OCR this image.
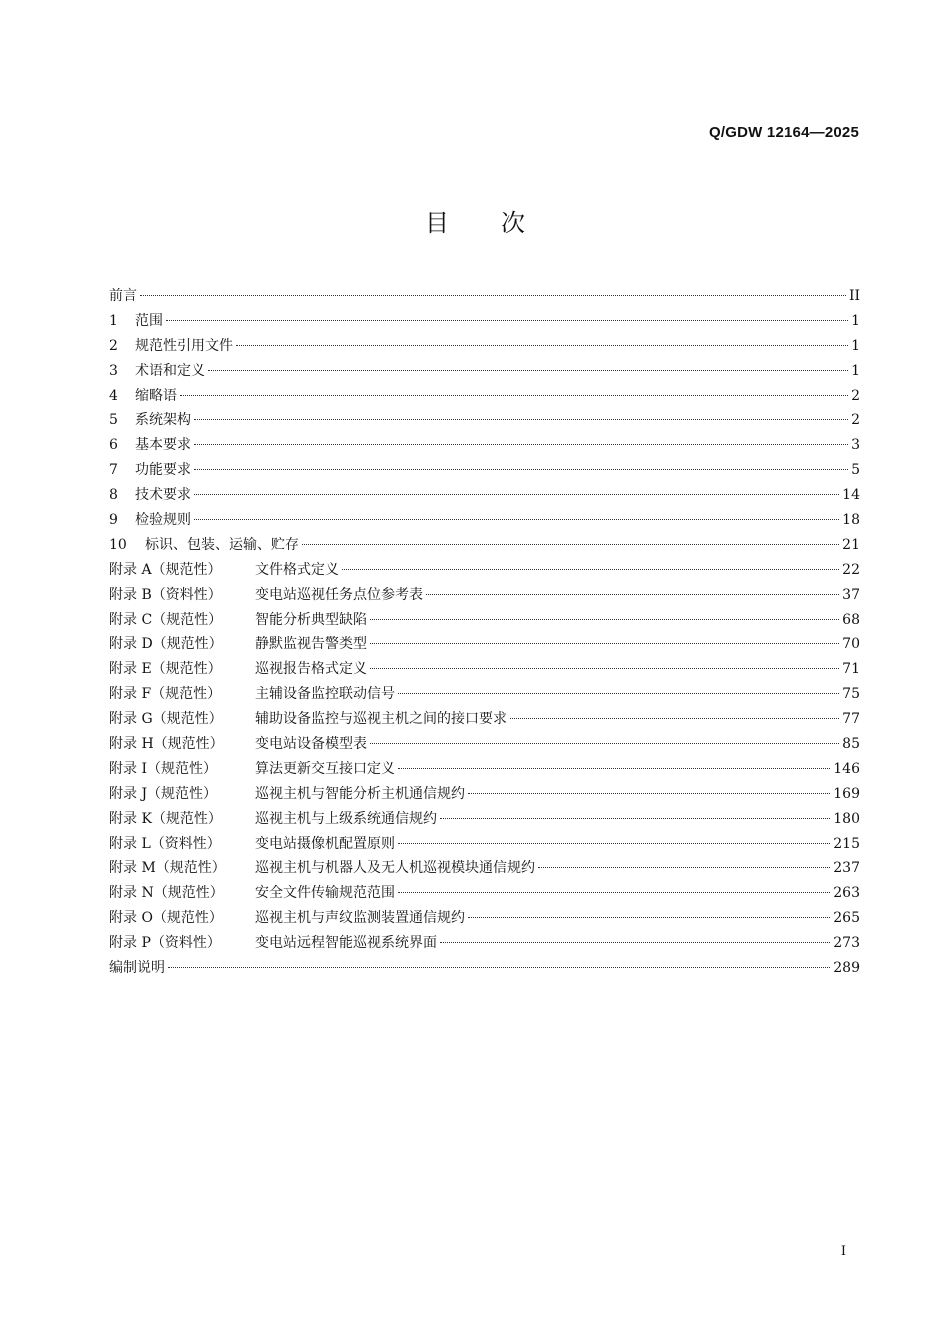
Q/GDW 12164—2025
目 次
前言	II
1	范围	1
2	规范性引用文件	1
3	术语和定义	1
4	缩略语	2
5	系统架构	2
6	基本要求	3
7	功能要求	5
8	技术要求	14
9	检验规则	18
10	标识、包装、运输、贮存	21
附录 A（规范性）	文件格式定义	22
附录 B（资料性）	变电站巡视任务点位参考表	37
附录 C（规范性）	智能分析典型缺陷	68
附录 D（规范性）	静默监视告警类型	70
附录 E（规范性）	巡视报告格式定义	71
附录 F（规范性）	主辅设备监控联动信号	75
附录 G（规范性）	辅助设备监控与巡视主机之间的接口要求	77
附录 H（规范性）	变电站设备模型表	85
附录 I（规范性）	算法更新交互接口定义	146
附录 J（规范性）	巡视主机与智能分析主机通信规约	169
附录 K（规范性）	巡视主机与上级系统通信规约	180
附录 L（资料性）	变电站摄像机配置原则	215
附录 M（规范性）	巡视主机与机器人及无人机巡视模块通信规约	237
附录 N（规范性）	安全文件传输规范范围	263
附录 O（规范性）	巡视主机与声纹监测装置通信规约	265
附录 P（资料性）	变电站远程智能巡视系统界面	273
编制说明	289
I
